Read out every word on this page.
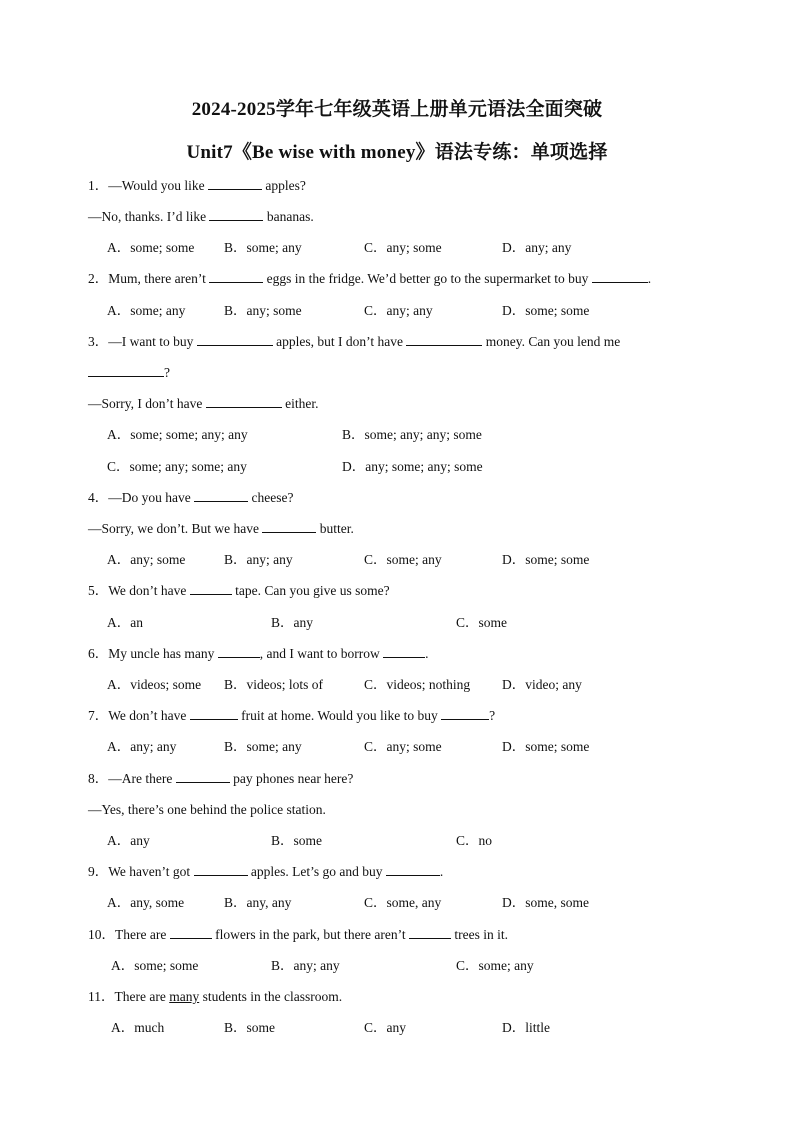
2024-2025学年七年级英语上册单元语法全面突破
Unit7《Be wise with money》语法专练：单项选择
1．—Would you like	apples?
—No, thanks. I’d like	bananas.
A．some; some B．some; any	C．any; some	D．any; any
2．Mum, there aren’t	eggs in the fridge. We’d better go to the supermarket to buy	.
A．some; any	B．any; some	C．any; any	D．some; some
3．—I want to buy	apples, but I don’t have	money. Can you lend me
?
—Sorry, I don’t have	either.
A．some; some; any; any	B．some; any; any; some
C．some; any; some; any	D．any; some; any; some
4．—Do you have	cheese?
—Sorry, we don’t. But we have	butter.
A．any; some	B．any; any	C．some; any	D．some; some
5．We don’t have	tape. Can you give us some?
A．an	B．any	C．some
6．My uncle has many	, and I want to borrow	.
A．videos; some B．videos; lots of	C．videos; nothing D．video; any
7．We don’t have	fruit at home. Would you like to buy	?
A．any; any	B．some; any	C．any; some	D．some; some
8．—Are there	pay phones near here?
—Yes, there’s one behind the police station.
A．any	B．some	C．no
9．We haven’t got	apples. Let’s go and buy	.
A．any, some	B．any, any	C．some, any	D．some, some
10．There are	flowers in the park, but there aren’t	trees in it.
A．some; some	B．any; any	C．some; any
11．There are many students in the classroom.
A．much	B．some	C．any	D．little
